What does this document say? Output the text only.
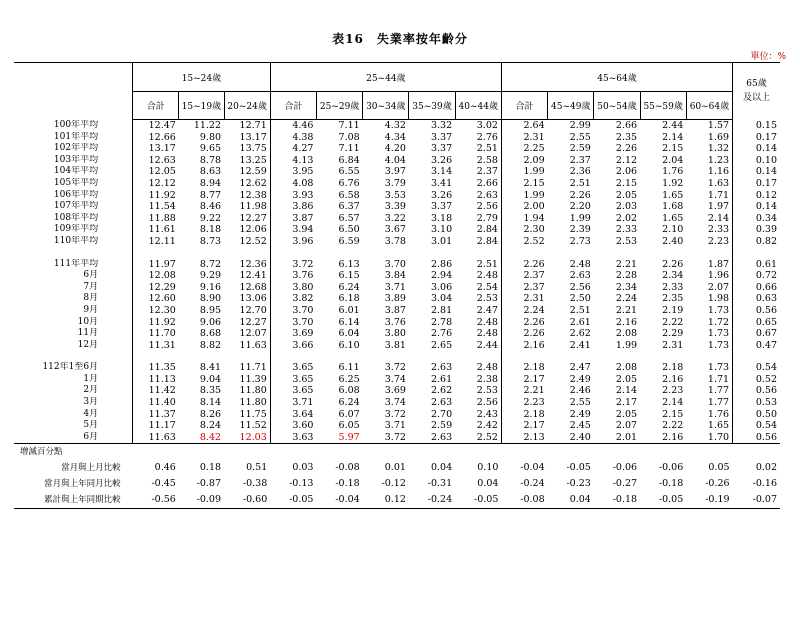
表16　失業率按年齡分
單位：%
	15~24歲			25~44歲					45~64歲					65歲
及以上
	合計	15~19歲	20~24歲	合計	25~29歲	30~34歲	35~39歲	40~44歲	合計	45~49歲	50~54歲	55~59歲	60~64歲	
100年平均	12.47	11.22	12.71	4.46	7.11	4.32	3.32	3.02	2.64	2.99	2.66	2.44	1.57	0.15
101年平均	12.66	9.80	13.17	4.38	7.08	4.34	3.37	2.76	2.31	2.55	2.35	2.14	1.69	0.17
102年平均	13.17	9.65	13.75	4.27	7.11	4.20	3.37	2.51	2.25	2.59	2.26	2.15	1.32	0.14
103年平均	12.63	8.78	13.25	4.13	6.84	4.04	3.26	2.58	2.09	2.37	2.12	2.04	1.23	0.10
104年平均	12.05	8.63	12.59	3.95	6.55	3.97	3.14	2.37	1.99	2.36	2.06	1.76	1.16	0.14
105年平均	12.12	8.94	12.62	4.08	6.76	3.79	3.41	2.66	2.15	2.51	2.15	1.92	1.63	0.17
106年平均	11.92	8.77	12.38	3.93	6.58	3.53	3.26	2.63	1.99	2.26	2.05	1.65	1.71	0.12
107年平均	11.54	8.46	11.98	3.86	6.37	3.39	3.37	2.56	2.00	2.20	2.03	1.68	1.97	0.14
108年平均	11.88	9.22	12.27	3.87	6.57	3.22	3.18	2.79	1.94	1.99	2.02	1.65	2.14	0.34
109年平均	11.61	8.18	12.06	3.94	6.50	3.67	3.10	2.84	2.30	2.39	2.33	2.10	2.33	0.39
110年平均	12.11	8.73	12.52	3.96	6.59	3.78	3.01	2.84	2.52	2.73	2.53	2.40	2.23	0.82

111年平均	11.97	8.72	12.36	3.72	6.13	3.70	2.86	2.51	2.26	2.48	2.21	2.26	1.87	0.61
6月	12.08	9.29	12.41	3.76	6.15	3.84	2.94	2.48	2.37	2.63	2.28	2.34	1.96	0.72
7月	12.29	9.16	12.68	3.80	6.24	3.71	3.06	2.54	2.37	2.56	2.34	2.33	2.07	0.66
8月	12.60	8.90	13.06	3.82	6.18	3.89	3.04	2.53	2.31	2.50	2.24	2.35	1.98	0.63
9月	12.30	8.95	12.70	3.70	6.01	3.87	2.81	2.47	2.24	2.51	2.21	2.19	1.73	0.56
10月	11.92	9.06	12.27	3.70	6.14	3.76	2.78	2.48	2.26	2.61	2.16	2.22	1.72	0.65
11月	11.70	8.68	12.07	3.69	6.04	3.80	2.76	2.48	2.26	2.62	2.08	2.29	1.73	0.67
12月	11.31	8.82	11.63	3.66	6.10	3.81	2.65	2.44	2.16	2.41	1.99	2.31	1.73	0.47

112年1至6月	11.35	8.41	11.71	3.65	6.11	3.72	2.63	2.48	2.18	2.47	2.08	2.18	1.73	0.54
1月	11.13	9.04	11.39	3.65	6.25	3.74	2.61	2.38	2.17	2.49	2.05	2.16	1.71	0.52
2月	11.42	8.35	11.80	3.65	6.08	3.69	2.62	2.53	2.21	2.46	2.14	2.23	1.77	0.56
3月	11.40	8.14	11.80	3.71	6.24	3.74	2.63	2.56	2.23	2.55	2.17	2.14	1.77	0.53
4月	11.37	8.26	11.75	3.64	6.07	3.72	2.70	2.43	2.18	2.49	2.05	2.15	1.76	0.50
5月	11.17	8.24	11.52	3.60	6.05	3.71	2.59	2.42	2.17	2.45	2.07	2.22	1.65	0.54
6月	11.63	8.42	12.03	3.63	5.97	3.72	2.63	2.52	2.13	2.40	2.01	2.16	1.70	0.56
增減百分點														
當月與上月比較	0.46	0.18	0.51	0.03	-0.08	0.01	0.04	0.10	-0.04	-0.05	-0.06	-0.06	0.05	0.02
當月與上年同月比較	-0.45	-0.87	-0.38	-0.13	-0.18	-0.12	-0.31	0.04	-0.24	-0.23	-0.27	-0.18	-0.26	-0.16
累計與上年同期比較	-0.56	-0.09	-0.60	-0.05	-0.04	0.12	-0.24	-0.05	-0.08	0.04	-0.18	-0.05	-0.19	-0.07
